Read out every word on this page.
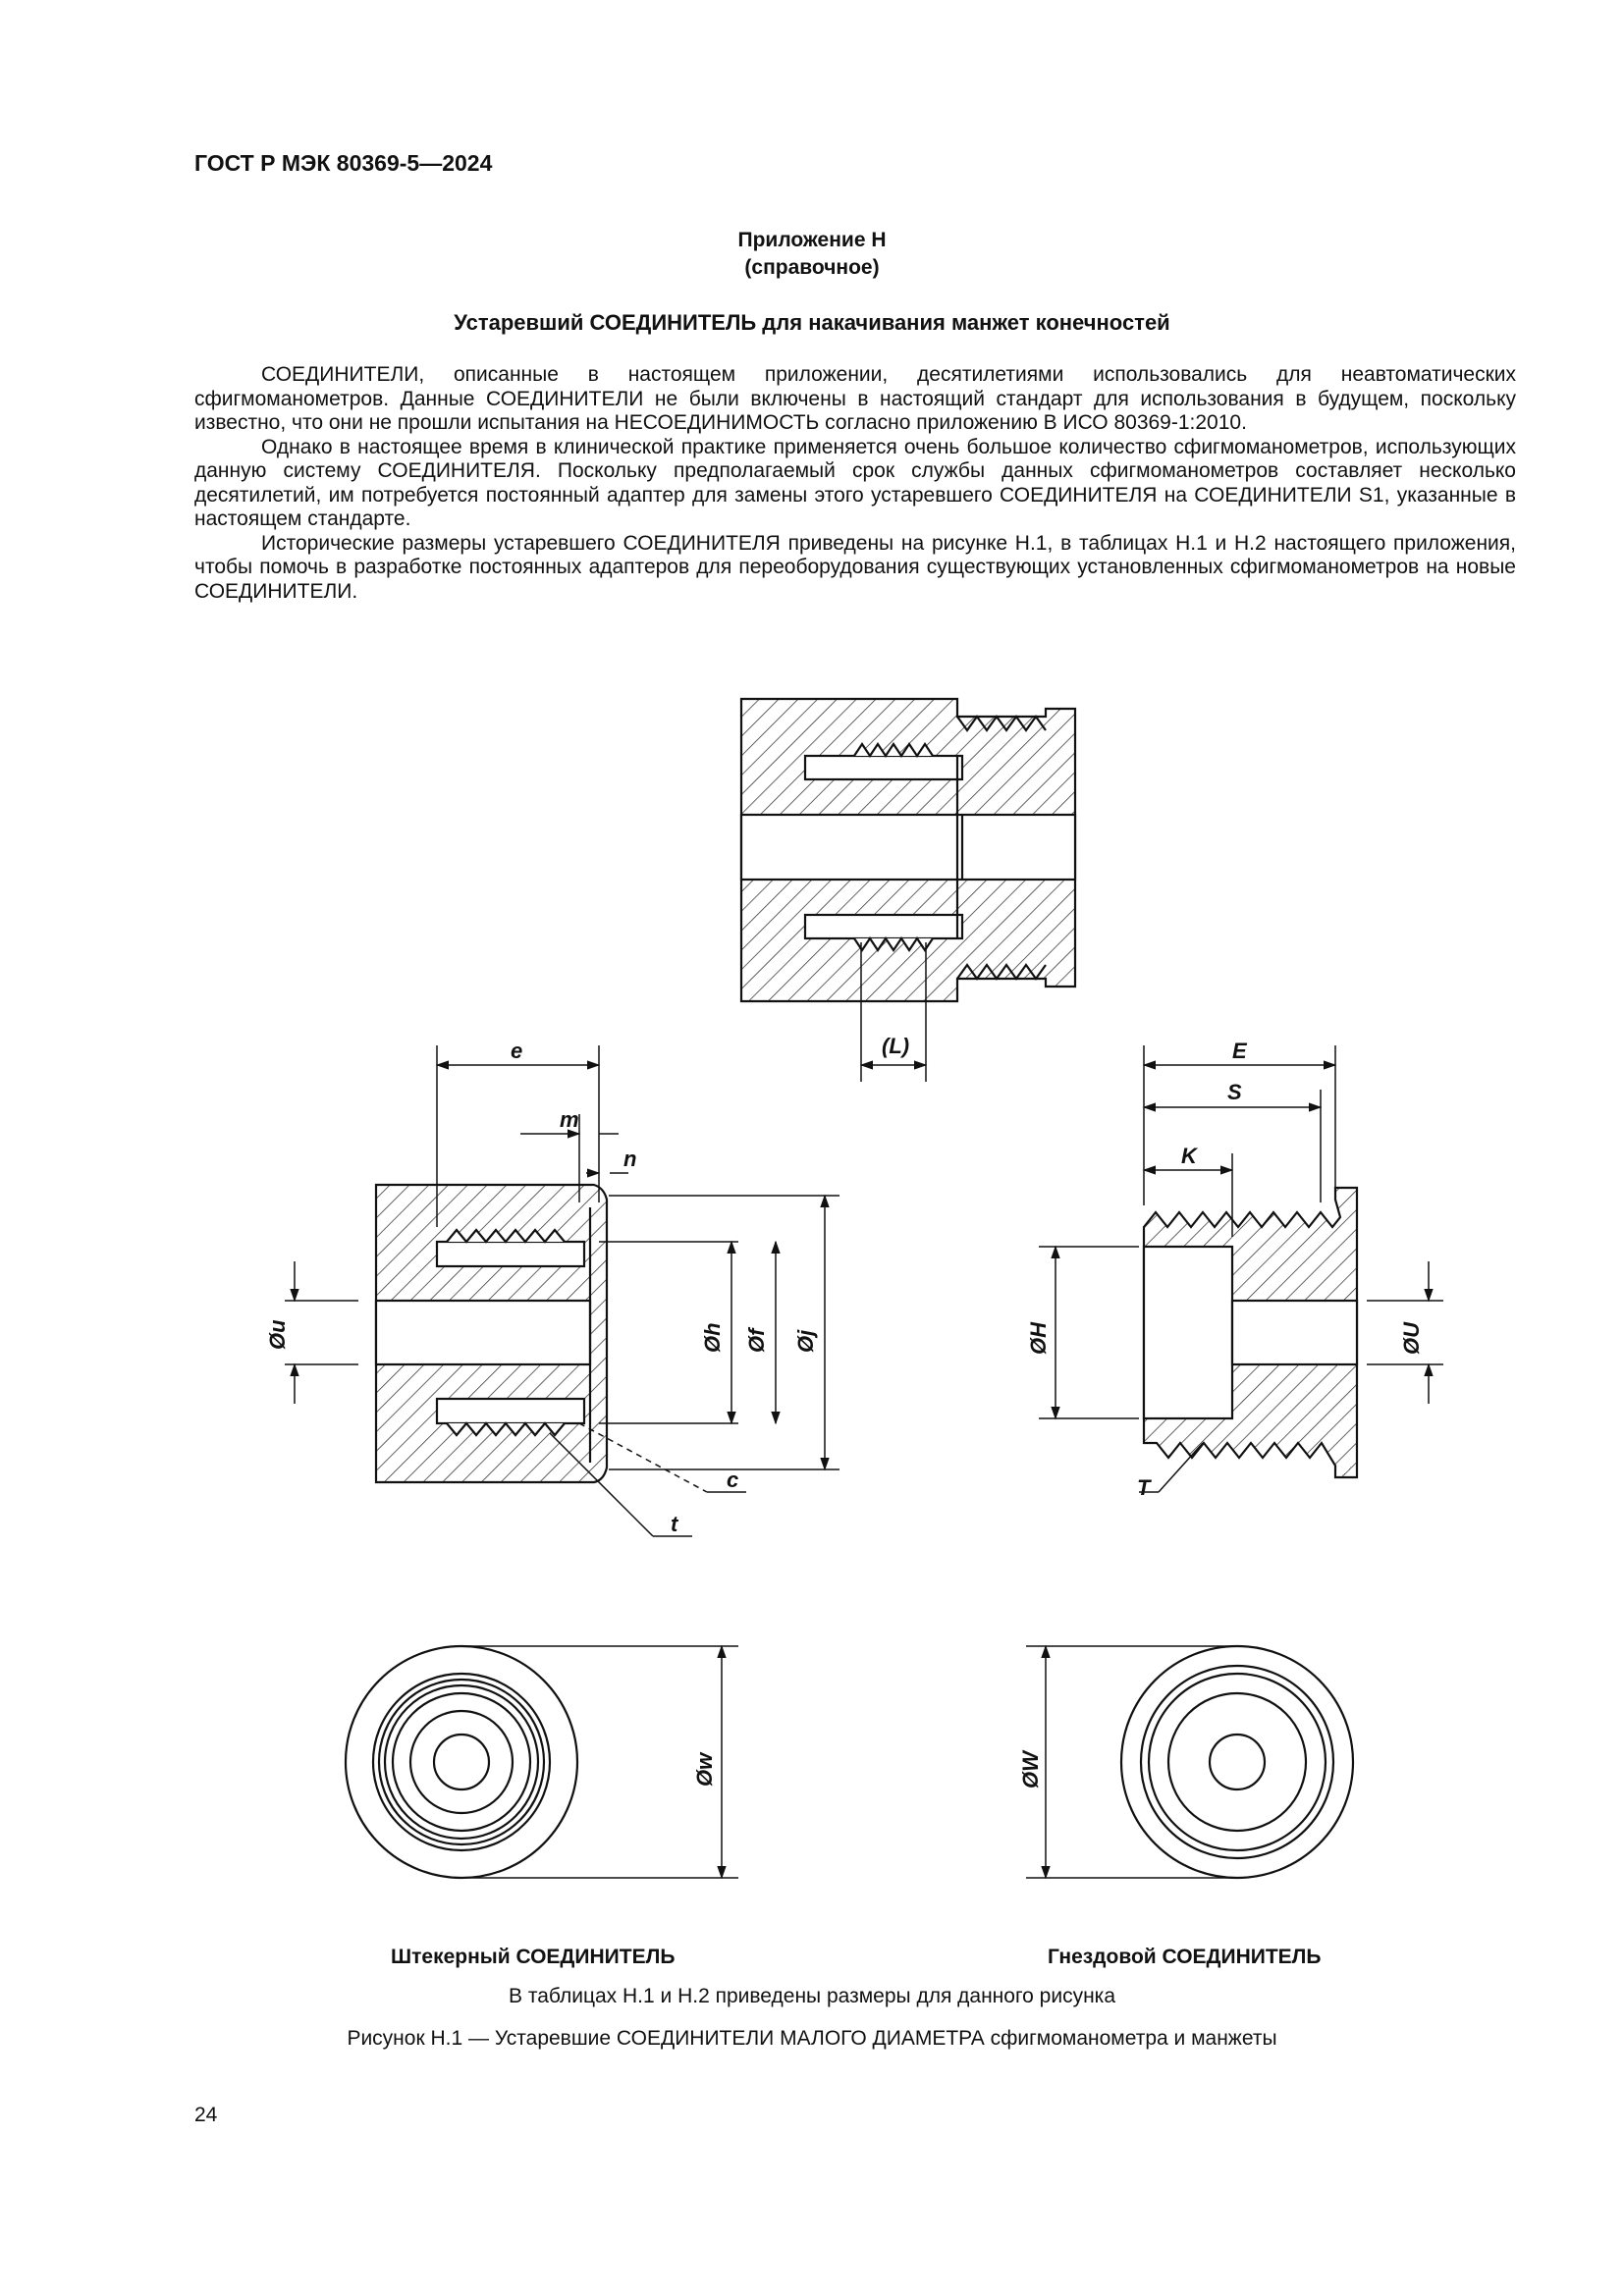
ГОСТ Р МЭК 80369-5—2024
Приложение Н
(справочное)
Устаревший СОЕДИНИТЕЛЬ для накачивания манжет конечностей

СОЕДИНИТЕЛИ, описанные в настоящем приложении, десятилетиями использовались для неавтоматических сфигмоманометров. Данные СОЕДИНИТЕЛИ не были включены в настоящий стандарт для использования в будущем, поскольку известно, что они не прошли испытания на НЕСОЕДИНИМОСТЬ согласно приложению В ИСО 80369-1:2010.

Однако в настоящее время в клинической практике применяется очень большое количество сфигмоманометров, использующих данную систему СОЕДИНИТЕЛЯ. Поскольку предполагаемый срок службы данных сфигмоманометров составляет несколько десятилетий, им потребуется постоянный адаптер для замены этого устаревшего СОЕДИНИТЕЛЯ на СОЕДИНИТЕЛИ S1, указанные в настоящем стандарте.

Исторические размеры устаревшего СОЕДИНИТЕЛЯ приведены на рисунке Н.1, в таблицах Н.1 и Н.2 настоящего приложения, чтобы помочь в разработке постоянных адаптеров для переоборудования существующих установленных сфигмоманометров на новые СОЕДИНИТЕЛИ.

(L)
e
m
n
Øu	Øh Øf Øj
c
t
E
S
K
ØH	ØU
T
Øw	ØW
Штекерный СОЕДИНИТЕЛЬ	Гнездовой СОЕДИНИТЕЛЬ
В таблицах Н.1 и Н.2 приведены размеры для данного рисунка
Рисунок Н.1 — Устаревшие СОЕДИНИТЕЛИ МАЛОГО ДИАМЕТРА сфигмоманометра и манжеты
24
